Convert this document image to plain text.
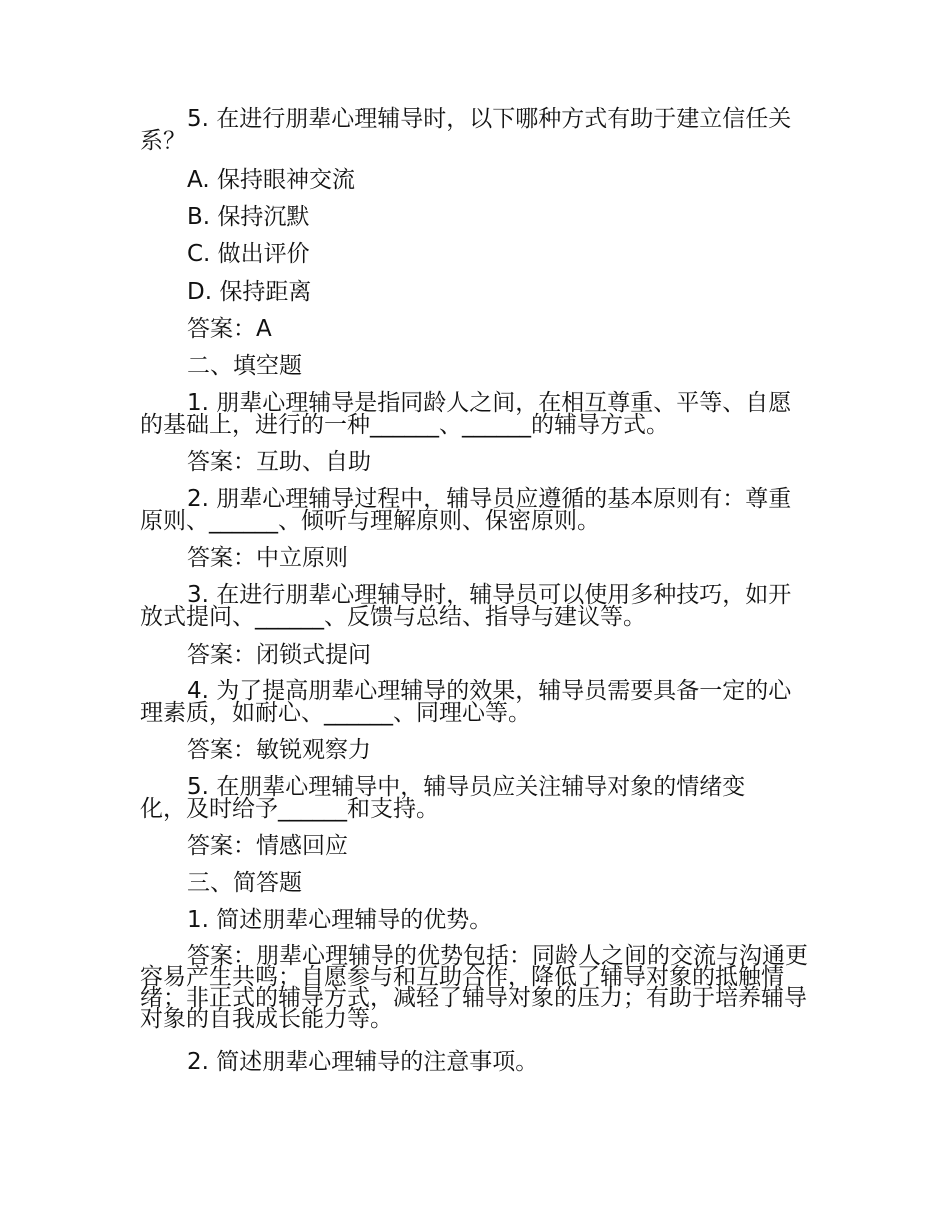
5. 在进行朋辈心理辅导时，以下哪种方式有助于建立信任关系？
A. 保持眼神交流
B. 保持沉默
C. 做出评价
D. 保持距离
答案：A
二、填空题
1. 朋辈心理辅导是指同龄人之间，在相互尊重、平等、自愿的基础上，进行的一种______、______的辅导方式。
答案：互助、自助
2. 朋辈心理辅导过程中，辅导员应遵循的基本原则有：尊重原则、______、倾听与理解原则、保密原则。
答案：中立原则
3. 在进行朋辈心理辅导时，辅导员可以使用多种技巧，如开放式提问、______、反馈与总结、指导与建议等。
答案：闭锁式提问
4. 为了提高朋辈心理辅导的效果，辅导员需要具备一定的心理素质，如耐心、______、同理心等。
答案：敏锐观察力
5. 在朋辈心理辅导中，辅导员应关注辅导对象的情绪变化，及时给予______和支持。
答案：情感回应
三、简答题
1. 简述朋辈心理辅导的优势。
答案：朋辈心理辅导的优势包括：同龄人之间的交流与沟通更容易产生共鸣；自愿参与和互助合作，降低了辅导对象的抵触情绪；非正式的辅导方式，减轻了辅导对象的压力；有助于培养辅导对象的自我成长能力等。
2. 简述朋辈心理辅导的注意事项。
